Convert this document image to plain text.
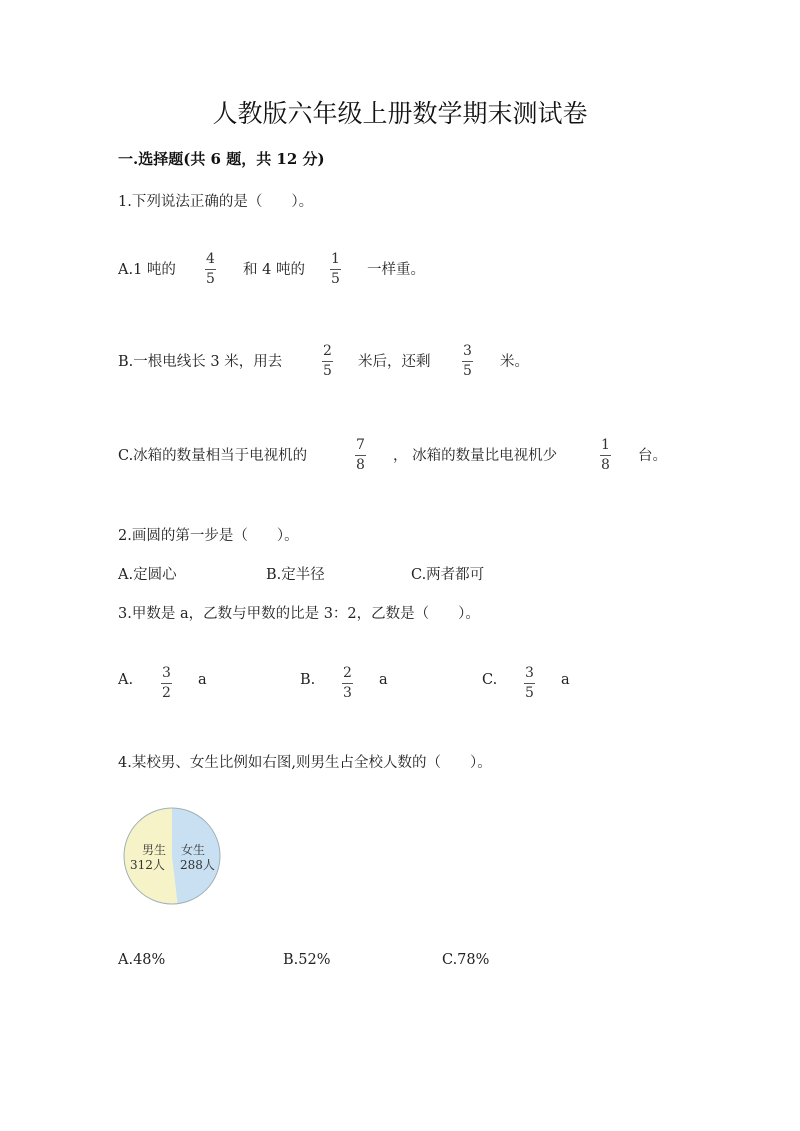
人教版六年级上册数学期末测试卷
一.选择题(共 6 题，共 12 分)
1.下列说法正确的是（　　）。
A.1 吨的
4
5
和 4 吨的
1
5
一样重。
B.一根电线长 3 米，用去
2
5
米后，还剩
3
5
米。
C.冰箱的数量相当于电视机的
7
8
， 冰箱的数量比电视机少
1
8
台。
2.画圆的第一步是（　　）。
A.定圆心	B.定半径	C.两者都可
3.甲数是 a，乙数与甲数的比是 3：2，乙数是（　　）。
A. 3
2
a	B. 2
3
a	C. 3
5
a
4.某校男、女生比例如右图,则男生占全校人数的（　　）。
男生
312人
女生
288人
A.48%	B.52%	C.78%
